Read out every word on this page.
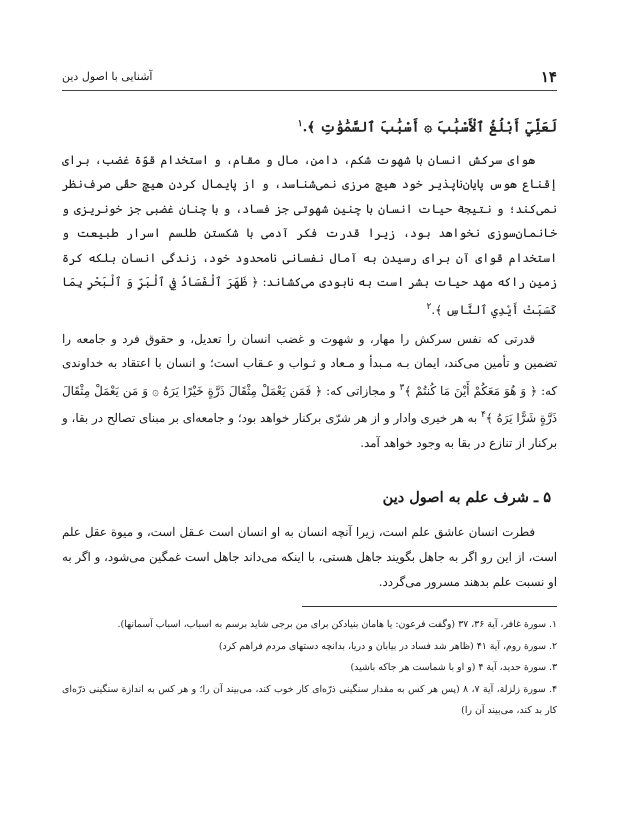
۱۴
آشنایی با اصول دین

لَعَلِّيٓ أَبْلُغُ ٱلْأَسْبَٰبَ ۞ أَسْبَٰبَ ٱلسَّمَٰوَٰتِ ﴾.$^۱$

هوای سرکش انسان با شهوت شکم، دامن، مال و مقام، و استخدام قوّة غضب، برای إقناع هوس پایان‌ناپذیر خود هیچ مرزی نمی‌شناسد، و از پایمال کردن هیچ حقّی صرف‌نظر نمی‌کند؛ و نتیجة حیات انسان با چنین شهوتی جز فساد، و با چنان غضبی جز خونریزی و خانمان‌سوزی نخواهد بود، زیرا قدرت فکر آدمی با شکستن طلسم اسرار طبیعت و استخدام قوای آن برای رسیدن به آمال نفسانی نامحدود خود، زندگی انسان بلکه کرة زمین راکه مهد حیات بشر است به نابودی می‌کشاند: ﴿ ظَهَرَ ٱلْفَسَادُ فِي ٱلْبَرِّ وَ ٱلْبَحْرِ بِمَا كَسَبَتْ أَيْدِي ٱلنَّاسِ ﴾.$^۲$

قدرتی که نفس سرکش را مهار، و شهوت و غضب انسان را تعدیل، و حقوق فرد و جامعه را تضمین و تأمین می‌کند، ایمان بـه مـبدأ و مـعاد و ثـواب و عـقاب است؛ و انسان با اعتقاد به خداوندی که: ﴿ وَ هُوَ مَعَكُمْ أَيْنَ مَا كُنتُمْ ﴾$^۳$ و مجازاتی که: ﴿ فَمَن يَعْمَلْ مِثْقَالَ ذَرَّةٍ خَيْرًا يَرَهُ ۞ وَ مَن يَعْمَلْ مِثْقَالَ ذَرَّةٍ شَرًّا يَرَهُ ﴾$^۴$ به هر خیری وادار و از هر شرّی برکنار خواهد بود؛ و جامعه‌ای بر مبنای تصالح در بقا، و برکنار از تنازع در بقا به وجود خواهد آمد.

۵ ـ شرف علم به اصول دین

فطرت انسان عاشق علم است، زیرا آنچه انسان به او انسان است عـقل است، و میوة عقل علم است، از این رو اگر به جاهل بگویند جاهل هستی، با اینکه می‌داند جاهل است غمگین می‌شود، و اگر به او نسبت علم بدهند مسرور می‌گردد.

۱. سورة غافر، آية ۳۶، ۳۷ (وگفت فرعون: یا هامان بنیادکن برای من برجی شاید برسم به اسباب، اسباب آسمانها).

۲. سورة روم، آية ۴۱ (ظاهر شد فساد در بیابان و دریا، بدانچه دستهای مردم فراهم کرد)

۳. سورة حدید، آية ۴ (و او با شماست هر جاکه باشید)

۴. سورة زلزلة، آية ۷، ۸ (پس هر کس به مقدار سنگینی ذرّه‌ای کار خوب کند، می‌بیند آن را؛ و هر کس به اندازة سنگینی ذرّه‌ای کار بد کند، می‌بیند آن را)
